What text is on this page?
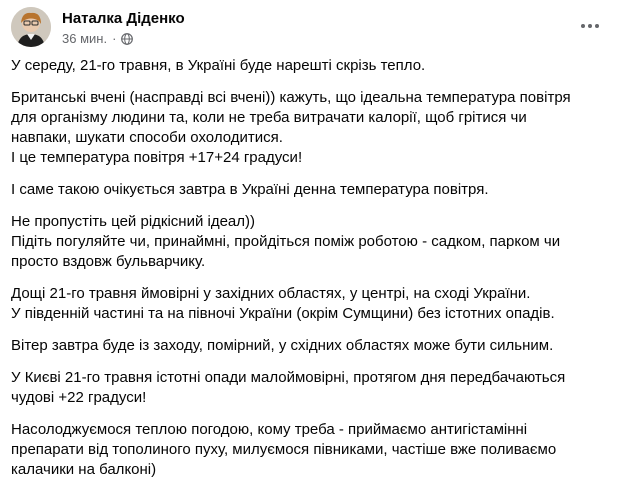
Наталка Діденко
36 мин. ·

У середу, 21-го травня, в Україні буде нарешті скрізь тепло.

Британські вчені (насправді всі вчені)) кажуть, що ідеальна температура повітря
для організму людини та, коли не треба витрачати калорії, щоб грітися чи
навпаки, шукати способи охолодитися.
І це температура повітря +17+24 градуси!

І саме такою очікується завтра в Україні денна температура повітря.

Не пропустіть цей рідкісний ідеал))
Підіть погуляйте чи, принаймні, пройдіться поміж роботою - садком, парком чи
просто вздовж бульварчику.

Дощі 21-го травня ймовірні у західних областях, у центрі, на сході України.
У південній частині та на півночі України (окрім Сумщини) без істотних опадів.

Вітер завтра буде із заходу, помірний, у східних областях може бути сильним.

У Києві 21-го травня істотні опади малоймовірні, протягом дня передбачаються
чудові +22 градуси!

Насолоджуємося теплою погодою, кому треба - приймаємо антигістамінні
препарати від тополиного пуху, милуємося півниками, частіше вже поливаємо
калачики на балконі)
